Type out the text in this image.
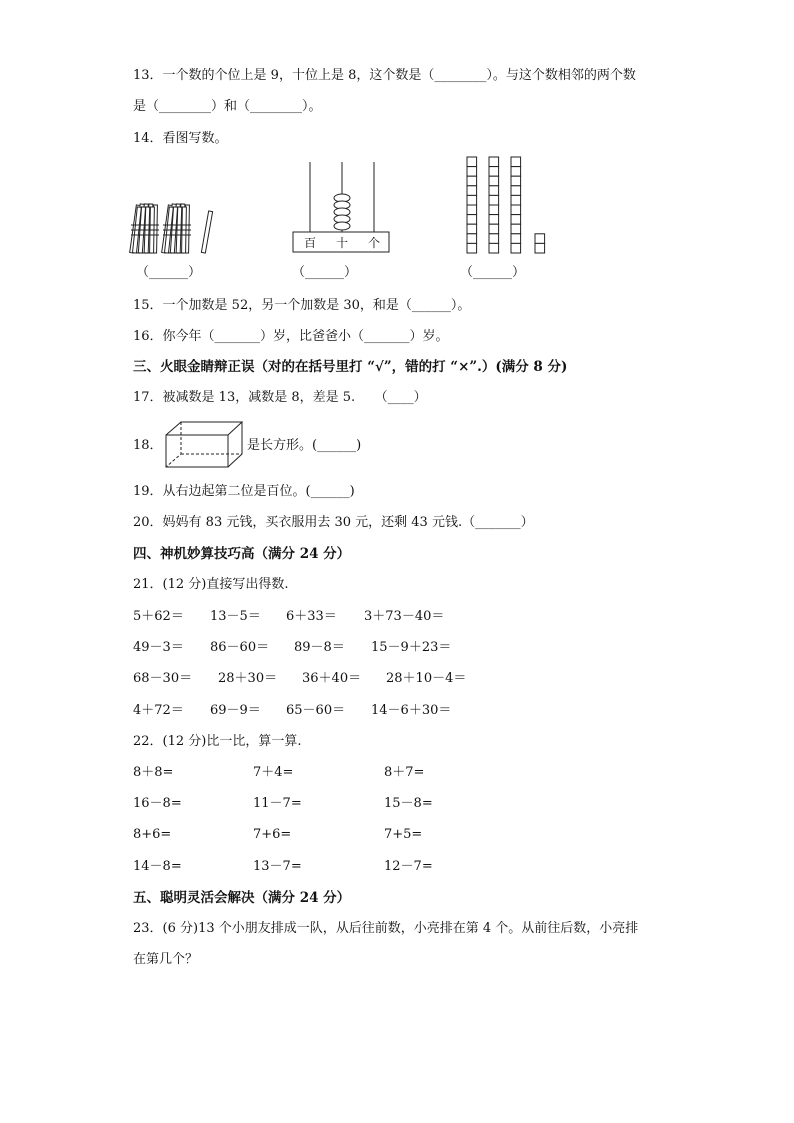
13．一个数的个位上是 9，十位上是 8，这个数是（________）。与这个数相邻的两个数
是（________）和（________）。
14．看图写数。
（______）
百 十 个
（______）	（______）
15．一个加数是 52，另一个加数是 30，和是（______）。
16．你今年（_______）岁，比爸爸小（_______）岁。
三、火眼金睛辩正误（对的在括号里打 “√”，错的打 “×”.）(满分 8 分)
17．被减数是 13，减数是 8，差是 5.　　（____）
18．	是长方形。(______)
19．从右边起第二位是百位。(______)
20．妈妈有 83 元钱，买衣服用去 30 元，还剩 43 元钱.（_______）
四、神机妙算技巧高（满分 24 分）
21．(12 分)直接写出得数.
5＋62＝ 13－5＝ 6＋33＝ 3＋73－40＝
49－3＝ 86－60＝ 89－8＝ 15－9＋23＝
68－30＝ 28＋30＝ 36＋40＝ 28＋10－4＝
4＋72＝ 69－9＝ 65－60＝ 14－6＋30＝
22．(12 分)比一比，算一算.
8＋8=	7＋4=	8＋7=
16－8=	11－7=	15－8=
8+6=	7+6=	7+5=
14－8=	13－7=	12－7=
五、聪明灵活会解决（满分 24 分）
23．(6 分)13 个小朋友排成一队，从后往前数，小亮排在第 4 个。从前往后数，小亮排
在第几个？
